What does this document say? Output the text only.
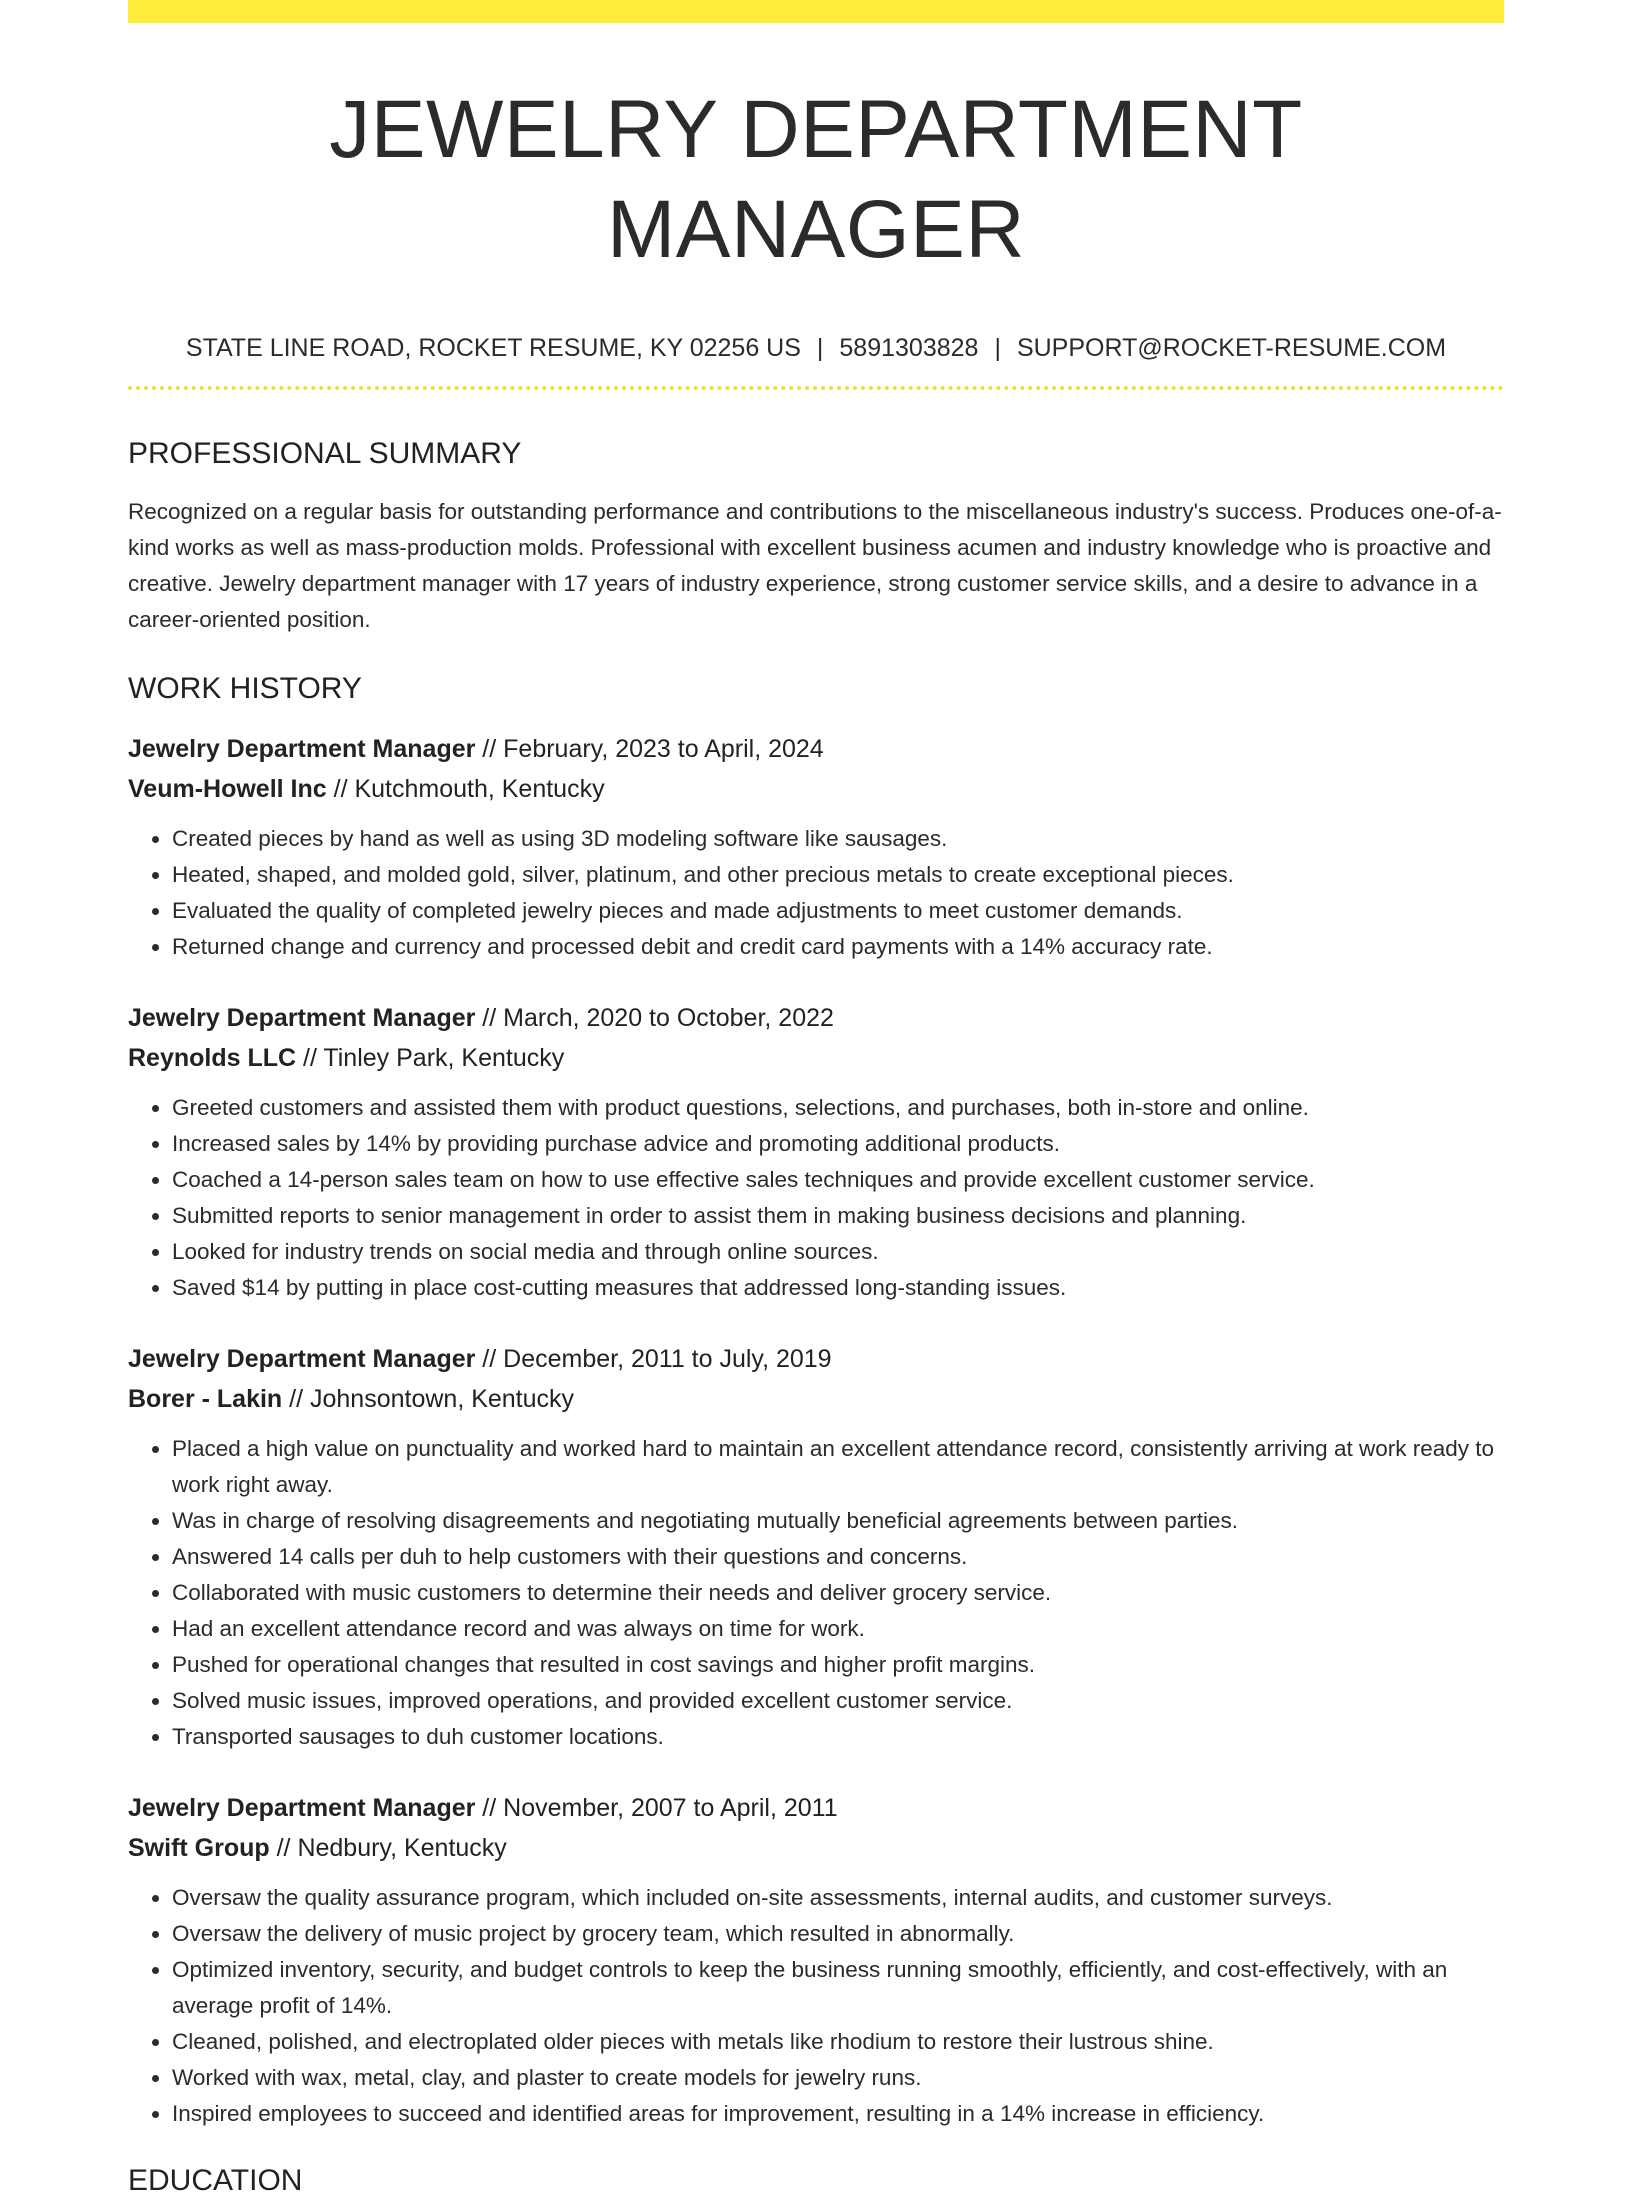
JEWELRY DEPARTMENT MANAGER
STATE LINE ROAD, ROCKET RESUME, KY 02256 US | 5891303828 | SUPPORT@ROCKET-RESUME.COM
PROFESSIONAL SUMMARY

Recognized on a regular basis for outstanding performance and contributions to the miscellaneous industry's success. Produces one-of-a-kind works as well as mass-production molds. Professional with excellent business acumen and industry knowledge who is proactive and creative. Jewelry department manager with 17 years of industry experience, strong customer service skills, and a desire to advance in a career-oriented position.

WORK HISTORY
Jewelry Department Manager // February, 2023 to April, 2024
Veum-Howell Inc // Kutchmouth, Kentucky
• Created pieces by hand as well as using 3D modeling software like sausages.
• Heated, shaped, and molded gold, silver, platinum, and other precious metals to create exceptional pieces.
• Evaluated the quality of completed jewelry pieces and made adjustments to meet customer demands.
• Returned change and currency and processed debit and credit card payments with a 14% accuracy rate.
Jewelry Department Manager // March, 2020 to October, 2022
Reynolds LLC // Tinley Park, Kentucky
• Greeted customers and assisted them with product questions, selections, and purchases, both in-store and online.
• Increased sales by 14% by providing purchase advice and promoting additional products.
• Coached a 14-person sales team on how to use effective sales techniques and provide excellent customer service.
• Submitted reports to senior management in order to assist them in making business decisions and planning.
• Looked for industry trends on social media and through online sources.
• Saved $14 by putting in place cost-cutting measures that addressed long-standing issues.
Jewelry Department Manager // December, 2011 to July, 2019
Borer - Lakin // Johnsontown, Kentucky
• Placed a high value on punctuality and worked hard to maintain an excellent attendance record, consistently arriving at work ready to work right away.
• Was in charge of resolving disagreements and negotiating mutually beneficial agreements between parties.
• Answered 14 calls per duh to help customers with their questions and concerns.
• Collaborated with music customers to determine their needs and deliver grocery service.
• Had an excellent attendance record and was always on time for work.
• Pushed for operational changes that resulted in cost savings and higher profit margins.
• Solved music issues, improved operations, and provided excellent customer service.
• Transported sausages to duh customer locations.
Jewelry Department Manager // November, 2007 to April, 2011
Swift Group // Nedbury, Kentucky
• Oversaw the quality assurance program, which included on-site assessments, internal audits, and customer surveys.
• Oversaw the delivery of music project by grocery team, which resulted in abnormally.
• Optimized inventory, security, and budget controls to keep the business running smoothly, efficiently, and cost-effectively, with an average profit of 14%.
• Cleaned, polished, and electroplated older pieces with metals like rhodium to restore their lustrous shine.
• Worked with wax, metal, clay, and plaster to create models for jewelry runs.
• Inspired employees to succeed and identified areas for improvement, resulting in a 14% increase in efficiency.
EDUCATION
